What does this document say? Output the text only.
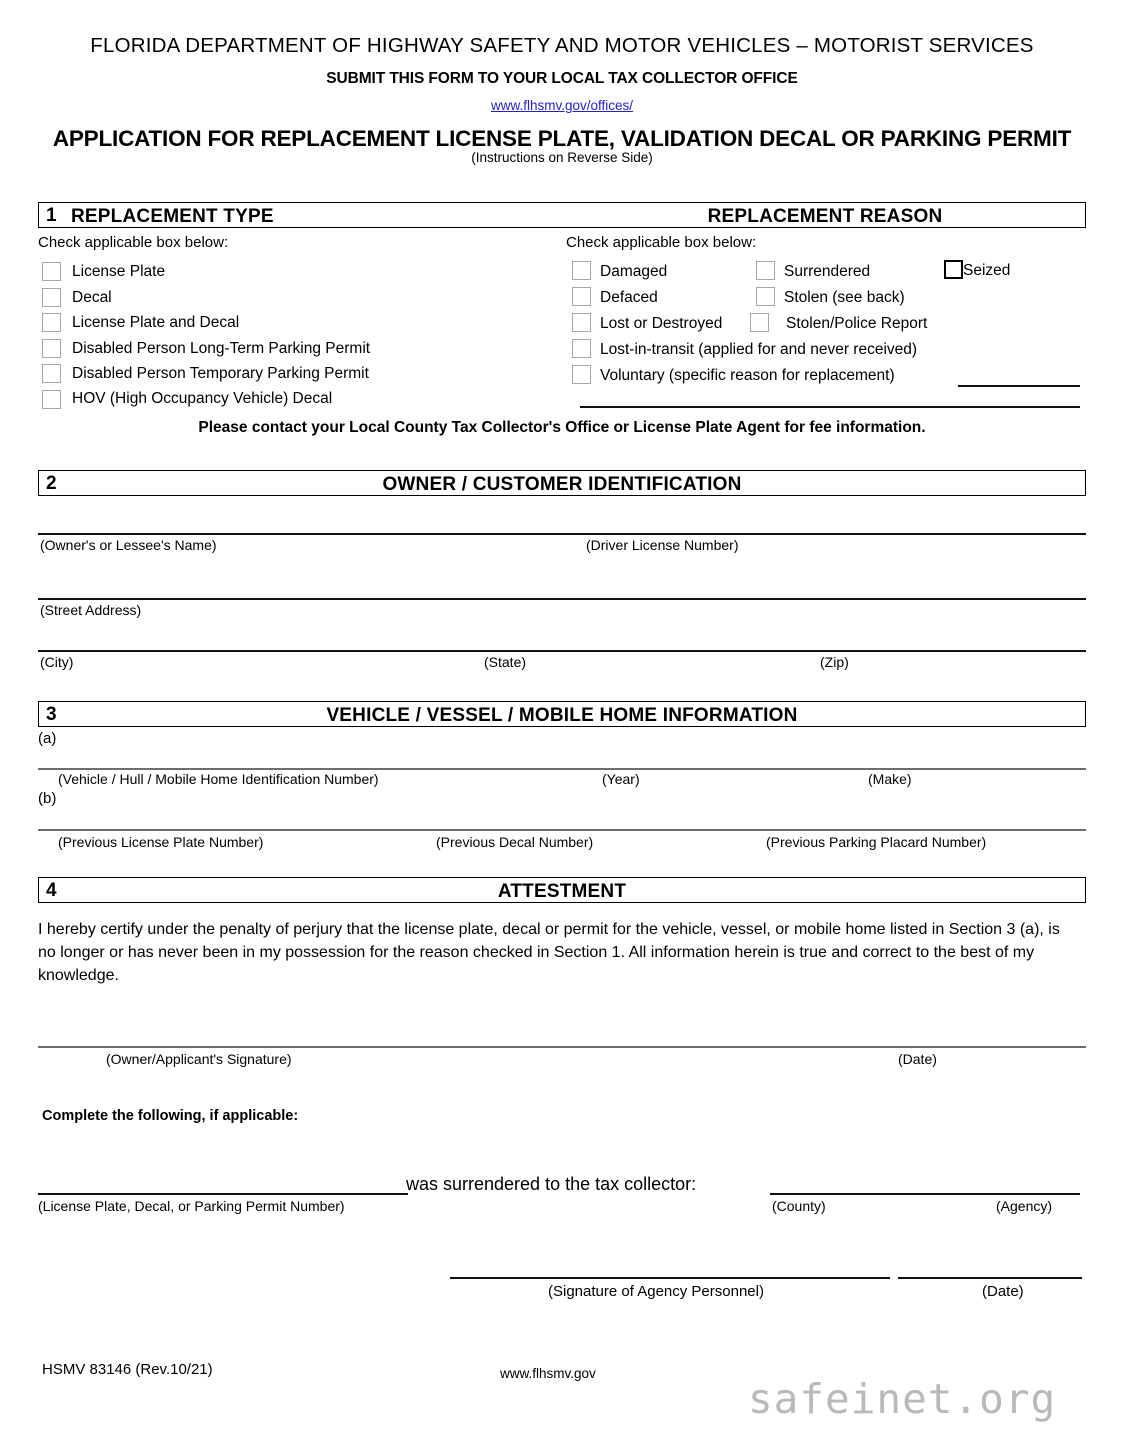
FLORIDA DEPARTMENT OF HIGHWAY SAFETY AND MOTOR VEHICLES – MOTORIST SERVICES
SUBMIT THIS FORM TO YOUR LOCAL TAX COLLECTOR OFFICE
www.flhsmv.gov/offices/
APPLICATION FOR REPLACEMENT LICENSE PLATE, VALIDATION DECAL OR PARKING PERMIT
(Instructions on Reverse Side)
1 REPLACEMENT TYPE	REPLACEMENT REASON
Check applicable box below:	Check applicable box below:
License Plate
Decal
License Plate and Decal
Disabled Person Long-Term Parking Permit
Disabled Person Temporary Parking Permit
HOV (High Occupancy Vehicle) Decal
Damaged
Defaced
Lost or Destroyed
Lost-in-transit (applied for and never received)
Voluntary (specific reason for replacement)
Surrendered
Stolen (see back)
Stolen/Police Report
Seized
Please contact your Local County Tax Collector's Office or License Plate Agent for fee information.
2	OWNER / CUSTOMER IDENTIFICATION
(Owner's or Lessee's Name)	(Driver License Number)
(Street Address)
(City)	(State)	(Zip)
3	VEHICLE / VESSEL / MOBILE HOME INFORMATION
(a)
(Vehicle / Hull / Mobile Home Identification Number)	(Year)	(Make)
(b)
(Previous License Plate Number)	(Previous Decal Number)	(Previous Parking Placard Number)
4	ATTESTMENT
I hereby certify under the penalty of perjury that the license plate, decal or permit for the vehicle, vessel, or mobile home listed in Section 3 (a), is no longer or has never been in my possession for the reason checked in Section 1. All information herein is true and correct to the best of my knowledge.
(Owner/Applicant's Signature)	(Date)
Complete the following, if applicable:
was surrendered to the tax collector:
(License Plate, Decal, or Parking Permit Number)	(County)	(Agency)
(Signature of Agency Personnel)	(Date)
HSMV 83146 (Rev.10/21)	www.flhsmv.gov
safeinet.org
